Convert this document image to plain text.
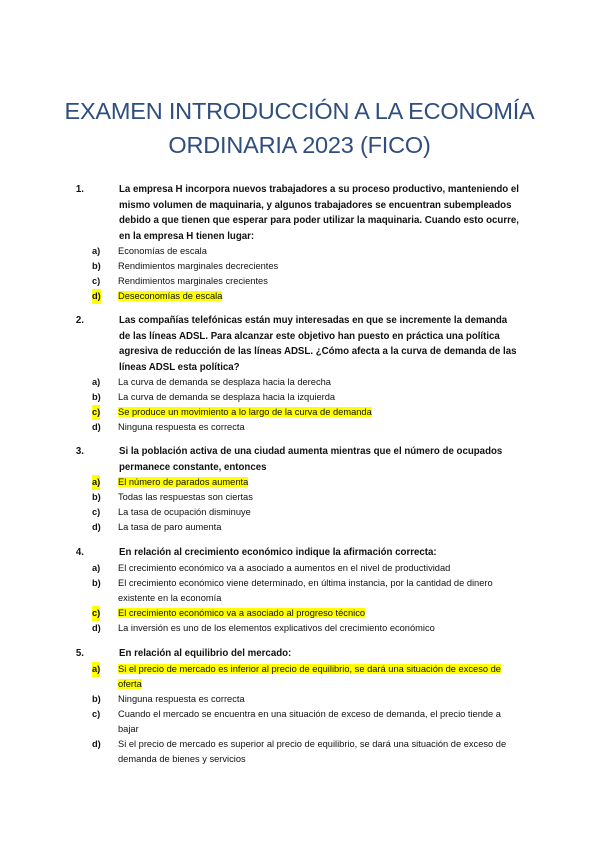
EXAMEN INTRODUCCIÓN A LA ECONOMÍA
ORDINARIA 2023 (FICO)
1.	La empresa H incorpora nuevos trabajadores a su proceso productivo, manteniendo el mismo volumen de maquinaria, y algunos trabajadores se encuentran subempleados debido a que tienen que esperar para poder utilizar la maquinaria. Cuando esto ocurre, en la empresa H tienen lugar:
a) Economías de escala
b) Rendimientos marginales decrecientes
c) Rendimientos marginales crecientes
d) Deseconomías de escala
2.	Las compañías telefónicas están muy interesadas en que se incremente la demanda de las líneas ADSL. Para alcanzar este objetivo han puesto en práctica una política agresiva de reducción de las líneas ADSL. ¿Cómo afecta a la curva de demanda de las líneas ADSL esta política?
a) La curva de demanda se desplaza hacia la derecha
b) La curva de demanda se desplaza hacia la izquierda
c) Se produce un movimiento a lo largo de la curva de demanda
d) Ninguna respuesta es correcta
3.	Si la población activa de una ciudad aumenta mientras que el número de ocupados permanece constante, entonces
a) El número de parados aumenta
b) Todas las respuestas son ciertas
c) La tasa de ocupación disminuye
d) La tasa de paro aumenta
4.	En relación al crecimiento económico indique la afirmación correcta:
a) El crecimiento económico va a asociado a aumentos en el nivel de productividad
b) El crecimiento económico viene determinado, en última instancia, por la cantidad de dinero existente en la economía
c) El crecimiento económico va a asociado al progreso técnico
d) La inversión es uno de los elementos explicativos del crecimiento económico
5.	En relación al equilibrio del mercado:
a) Si el precio de mercado es inferior al precio de equilibrio, se dará una situación de exceso de oferta
b) Ninguna respuesta es correcta
c) Cuando el mercado se encuentra en una situación de exceso de demanda, el precio tiende a bajar
d) Si el precio de mercado es superior al precio de equilibrio, se dará una situación de exceso de demanda de bienes y servicios
